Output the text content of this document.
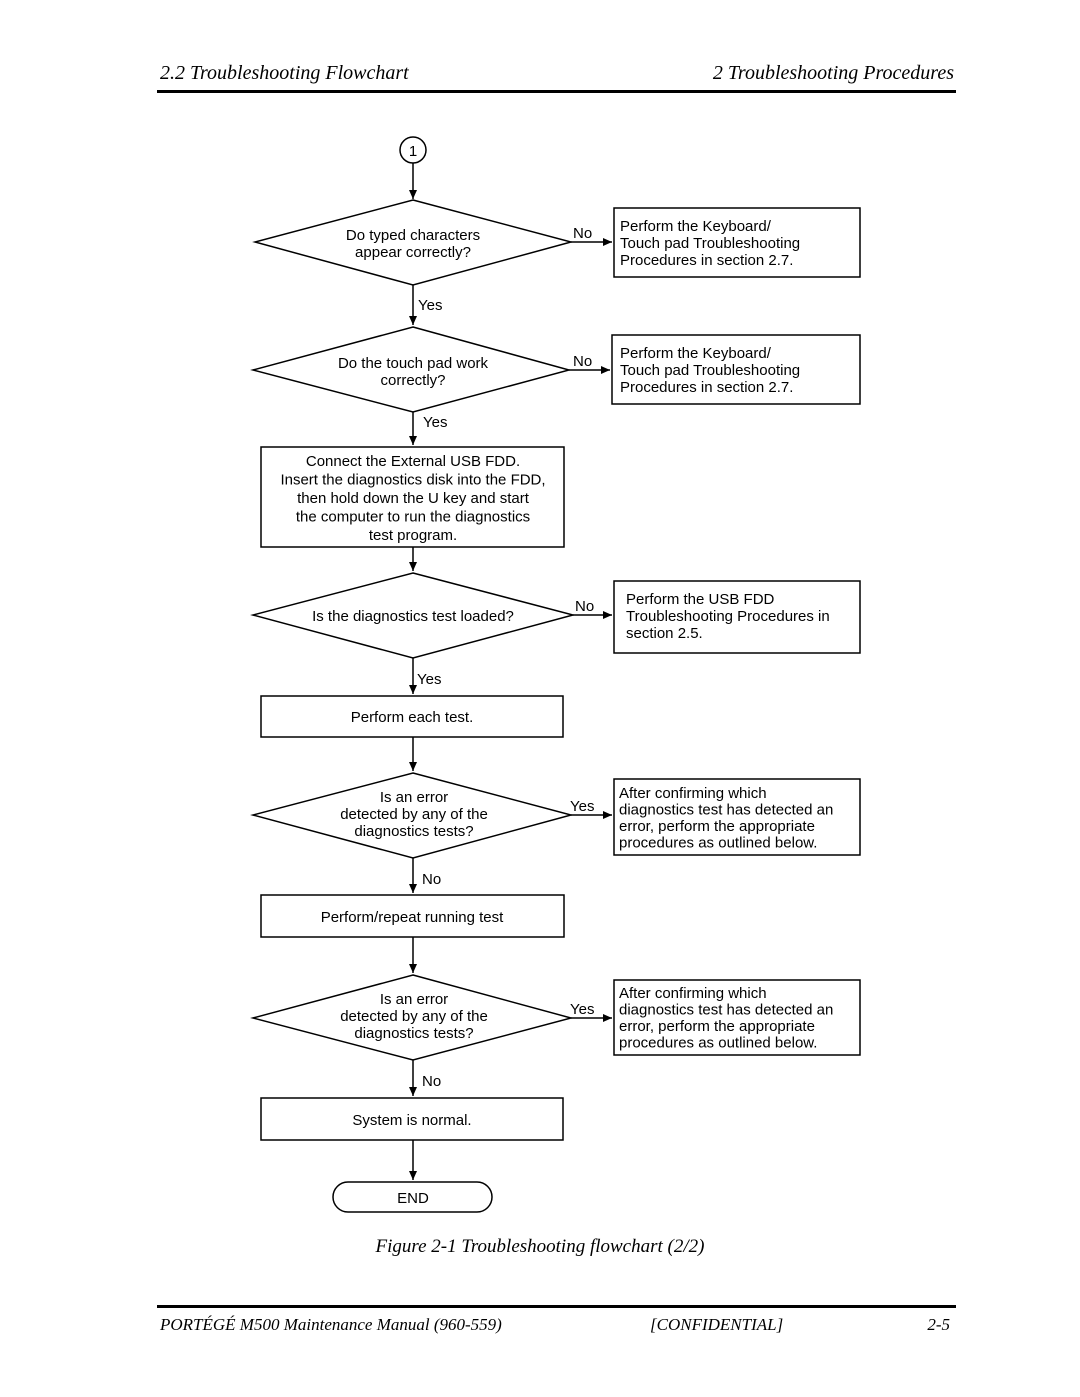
2.2 Troubleshooting Flowchart	2 Troubleshooting Procedures
1
Do typed characters
appear correctly?
No Perform the Keyboard/
Touch pad Troubleshooting
Procedures in section 2.7.
Yes
Do the touch pad work
correctly?
No Perform the Keyboard/
Touch pad Troubleshooting
Procedures in section 2.7.
Yes
Connect the External USB FDD.
Insert the diagnostics disk into the FDD,
then hold down the U key and start
the computer to run the diagnostics
test program.
Is the diagnostics test loaded?
No Perform the USB FDD
Troubleshooting Procedures in
section 2.5.
Yes
Perform each test.
Is an error
detected by any of the
diagnostics tests?
Yes
After confirming which
diagnostics test has detected an
error, perform the appropriate
procedures as outlined below.
No
Perform/repeat running test
Is an error
detected by any of the
diagnostics tests?
Yes
After confirming which
diagnostics test has detected an
error, perform the appropriate
procedures as outlined below.
No
System is normal.
END
Figure 2-1 Troubleshooting flowchart (2/2)
PORTÉGÉ M500 Maintenance Manual (960-559)	[CONFIDENTIAL]	2-5
